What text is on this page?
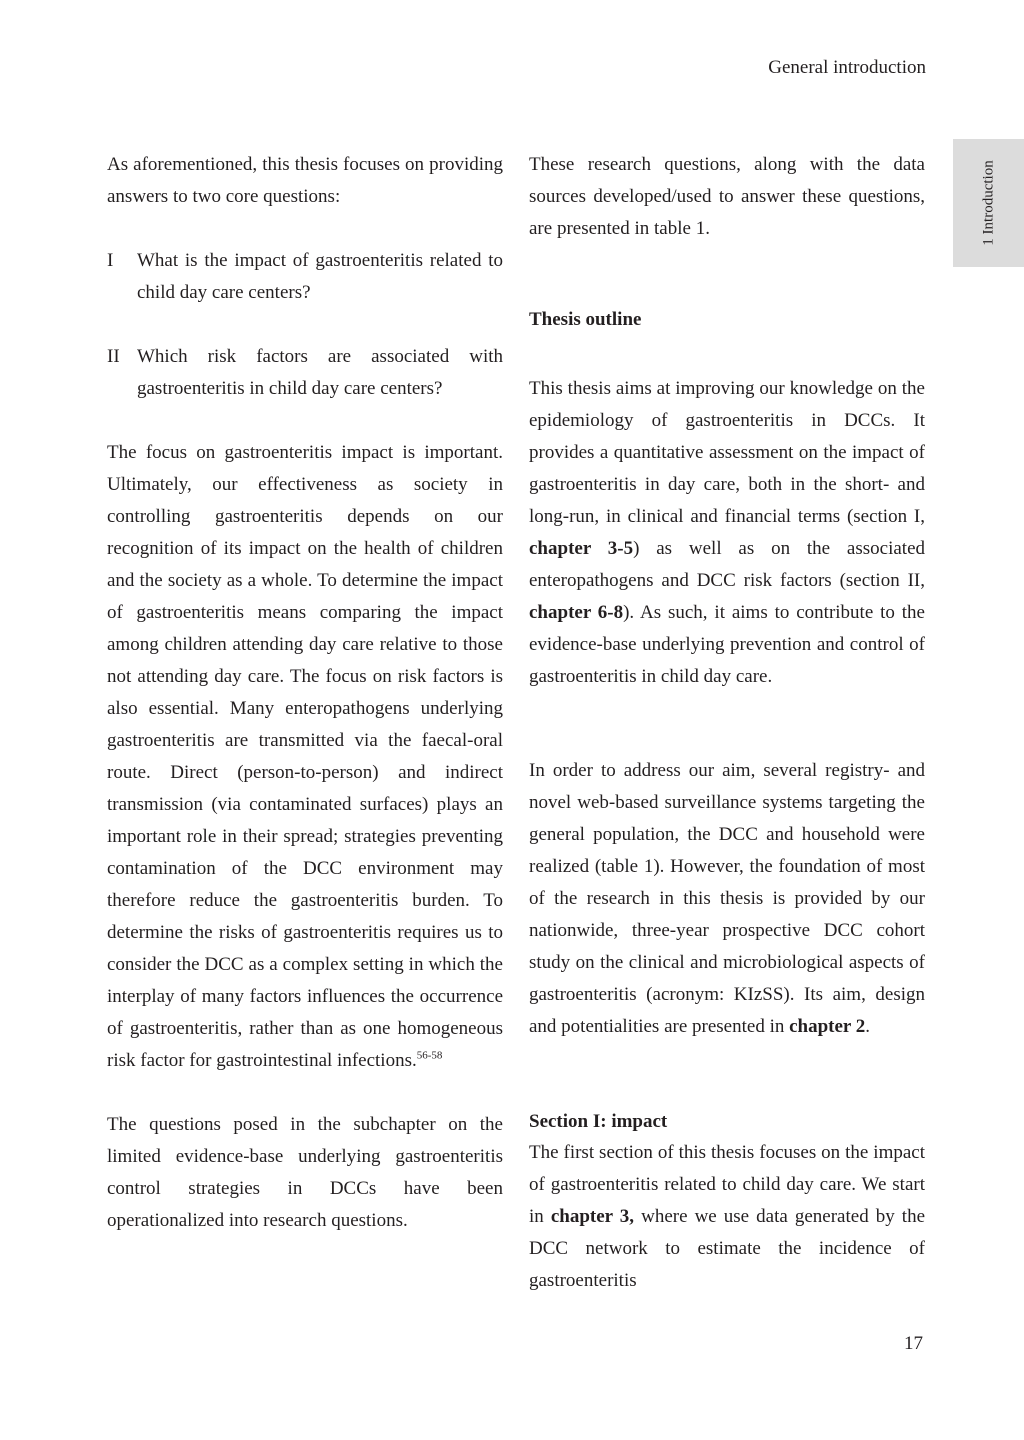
General introduction
1 Introduction

As aforementioned, this thesis focuses on providing answers to two core questions:

I	What is the impact of gastroenteritis related to child day care centers?
II Which risk factors are associated with gastroenteritis in child day care centers?

The focus on gastroenteritis impact is important. Ultimately, our effectiveness as society in controlling gastroenteritis depends on our recognition of its impact on the health of children and the society as a whole. To determine the impact of gastroenteritis means comparing the impact among children attending day care relative to those not attending day care. The focus on risk factors is also essential. Many enteropathogens underlying gastroenteritis are transmitted via the faecal-oral route. Direct (person-to-person) and indirect transmission (via contaminated surfaces) plays an important role in their spread; strategies preventing contamination of the DCC environment may therefore reduce the gastroenteritis burden. To determine the risks of gastroenteritis requires us to consider the DCC as a complex setting in which the interplay of many factors influences the occurrence of gastroenteritis, rather than as one homogeneous risk factor for gastrointestinal infections.$^{56-58}$

The questions posed in the subchapter on the limited evidence-base underlying gastroenteritis control strategies in DCCs have been operationalized into research questions.

These research questions, along with the data sources developed/used to answer these questions, are presented in table 1.
Thesis outline
This thesis aims at improving our knowledge on the epidemiology of gastroenteritis in DCCs. It provides a quantitative assessment on the impact of gastroenteritis in day care, both in the short- and long-run, in clinical and financial terms (section I, chapter 3-5) as well as on the associated enteropathogens and DCC risk factors (section II, chapter 6-8). As such, it aims to contribute to the evidence-base underlying prevention and control of gastroenteritis in child day care.
In order to address our aim, several registry- and novel web-based surveillance systems targeting the general population, the DCC and household were realized (table 1). However, the foundation of most of the research in this thesis is provided by our nationwide, three-year prospective DCC cohort study on the clinical and microbiological aspects of gastroenteritis (acronym: KIzSS). Its aim, design and potentialities are presented in chapter 2.
Section I: impact
The first section of this thesis focuses on the impact of gastroenteritis related to child day care. We start in chapter 3, where we use data generated by the DCC network to estimate the incidence of gastroenteritis
17
